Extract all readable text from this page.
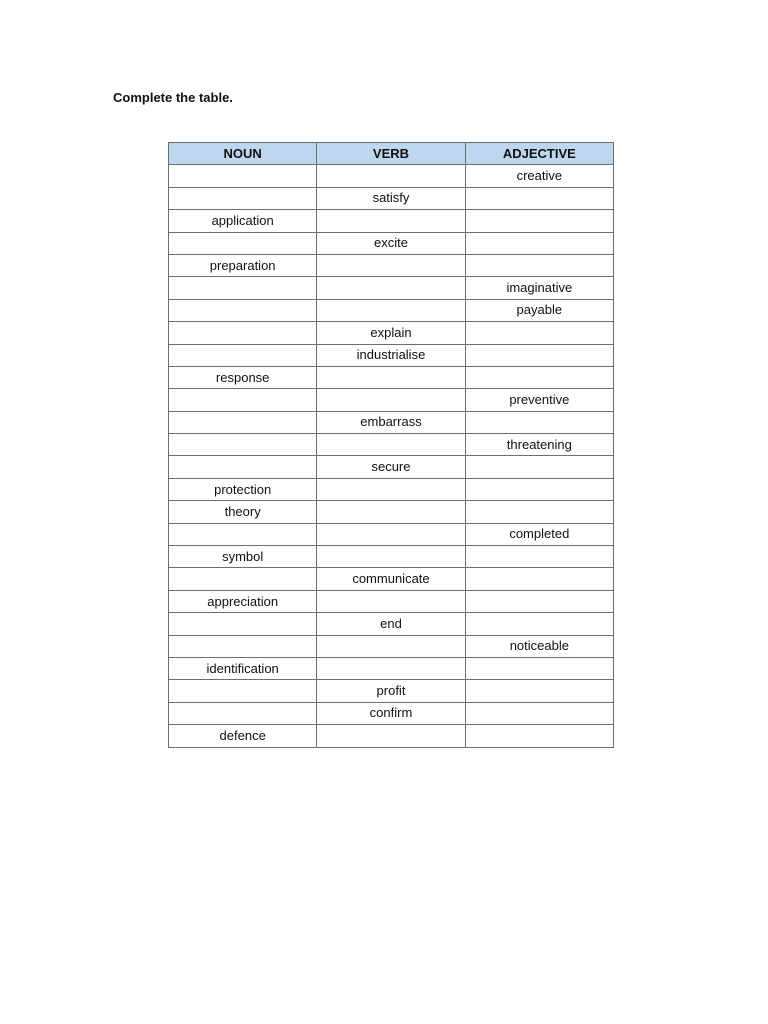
Complete the table.
NOUN	VERB	ADJECTIVE
		creative
	satisfy	
application		
	excite	
preparation		
		imaginative
		payable
	explain	
	industrialise	
response		
		preventive
	embarrass	
		threatening
	secure	
protection		
theory		
		completed
symbol		
	communicate	
appreciation		
	end	
		noticeable
identification		
	profit	
	confirm	
defence		
